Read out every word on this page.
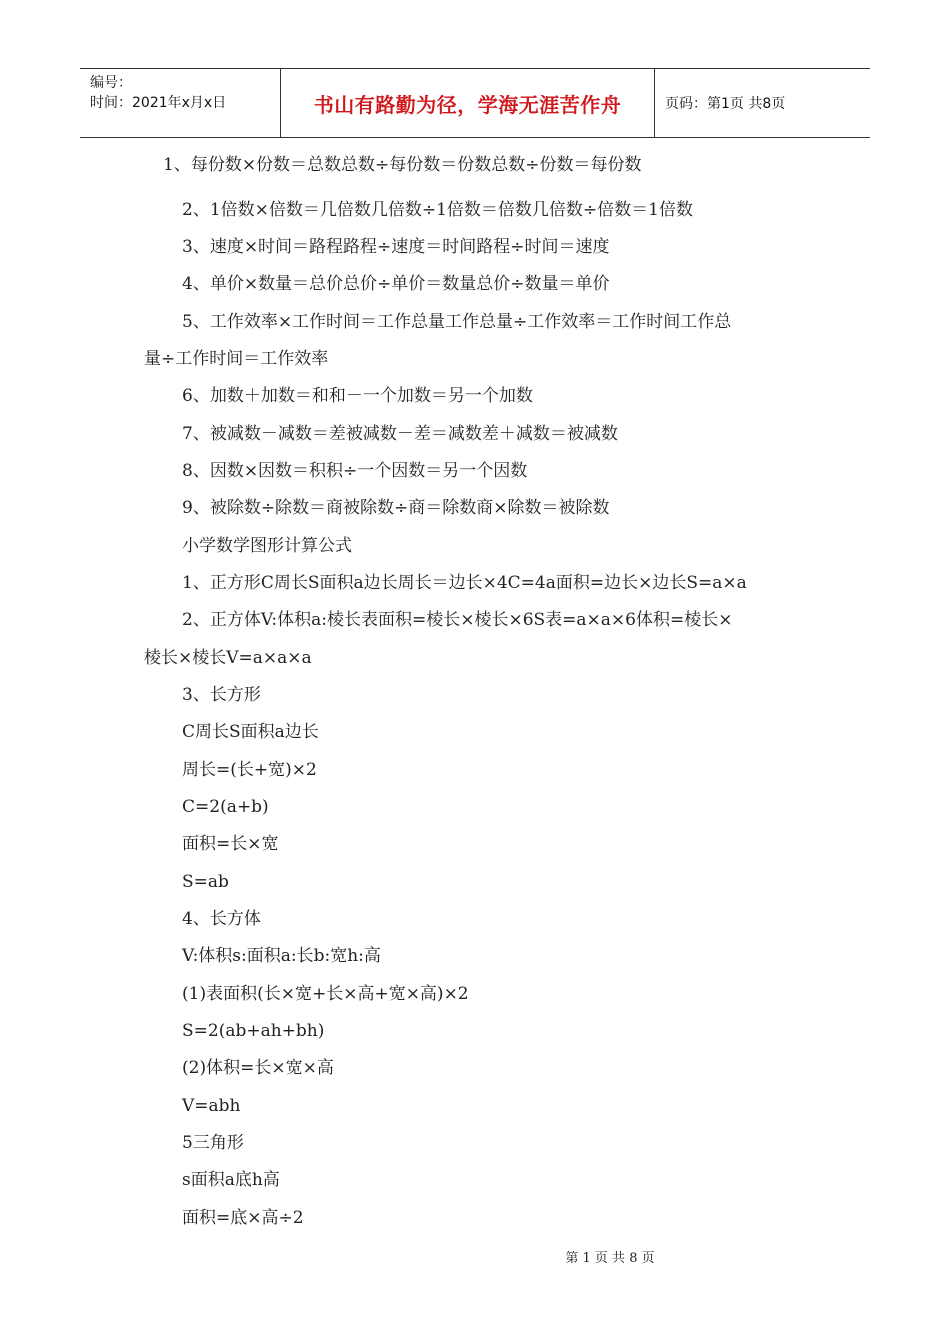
编号：
时间：2021年x月x日	书山有路勤为径，学海无涯苦作舟	页码：第1页 共8页
1、每份数×份数＝总数总数÷每份数＝份数总数÷份数＝每份数
2、1倍数×倍数＝几倍数几倍数÷1倍数＝倍数几倍数÷倍数＝1倍数
3、速度×时间＝路程路程÷速度＝时间路程÷时间＝速度
4、单价×数量＝总价总价÷单价＝数量总价÷数量＝单价
5、工作效率×工作时间＝工作总量工作总量÷工作效率＝工作时间工作总
量÷工作时间＝工作效率
6、加数＋加数＝和和－一个加数＝另一个加数
7、被减数－减数＝差被减数－差＝减数差＋减数＝被减数
8、因数×因数＝积积÷一个因数＝另一个因数
9、被除数÷除数＝商被除数÷商＝除数商×除数＝被除数
小学数学图形计算公式
1、正方形C周长S面积a边长周长＝边长×4C=4a面积=边长×边长S=a×a
2、正方体V:体积a:棱长表面积=棱长×棱长×6S表=a×a×6体积=棱长×
棱长×棱长V=a×a×a
3、长方形
C周长S面积a边长
周长=(长+宽)×2
C=2(a+b)
面积=长×宽
S=ab
4、长方体
V:体积s:面积a:长b:宽h:高
(1)表面积(长×宽+长×高+宽×高)×2
S=2(ab+ah+bh)
(2)体积=长×宽×高
V=abh
5三角形
s面积a底h高
面积=底×高÷2
第 1 页 共 8 页
